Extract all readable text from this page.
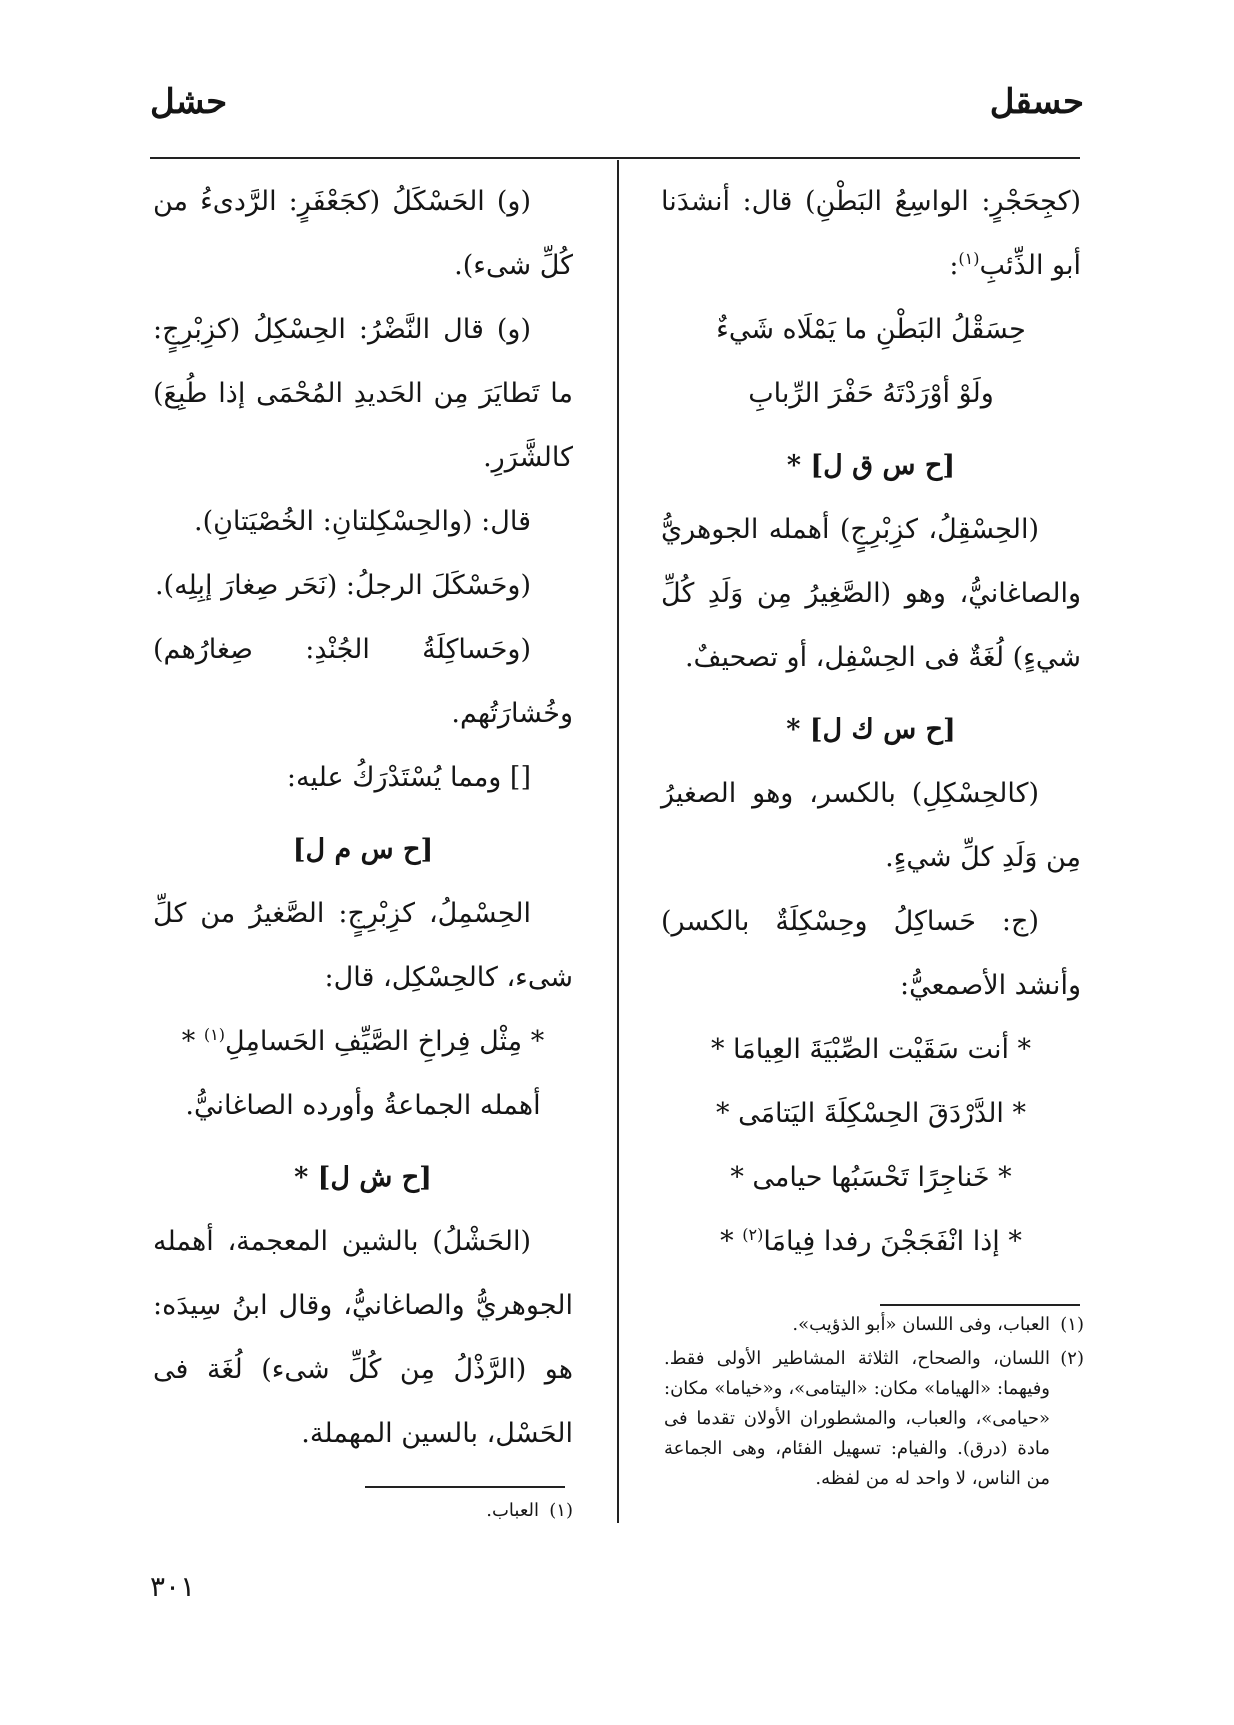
حسقل
حشل

(كجِحَجْرٍ: الواسِعُ البَطْنِ) قال: أنشدَنا أبو الذِّئبِ$^{(١)}$:

حِسَقْلُ البَطْنِ ما يَمْلَاه شَيءٌ

ولَوْ أوْرَدْتَهُ حَفْرَ الرِّبابِ

[ح س ق ل] *

(الحِسْقِلُ، كزِبْرِجٍ) أهمله الجوهريُّ والصاغانيُّ، وهو (الصَّغِيرُ مِن وَلَدِ كُلِّ شيءٍ) لُغَةٌ فى الحِسْفِل، أو تصحيفٌ.

[ح س ك ل] *

(كالحِسْكِلِ) بالكسر، وهو الصغيرُ مِن وَلَدِ كلِّ شيءٍ.

(ج: حَساكِلُ وحِسْكِلَةٌ بالكسر) وأنشد الأصمعيُّ:

* أنت سَقَيْت الصِّبْيَةَ العِيامَا *

* الدَّرْدَقَ الحِسْكِلَةَ اليَتامَى *

* خَناجِرًا تَحْسَبُها حيامى *

* إذا انْفَجَجْنَ رفدا فِيامَا$^{(٢)}$ *

(١)
العباب، وفى اللسان «أبو الذؤيب».
(٢)
اللسان، والصحاح، الثلاثة المشاطير الأولى فقط. وفيهما: «الهياما» مكان: «اليتامى»، و«خياما» مكان: «حيامى»، والعباب، والمشطوران الأولان تقدما فى مادة (درق). والفيام: تسهيل الفئام، وهى الجماعة من الناس، لا واحد له من لفظه.

(و) الحَسْكَلُ (كجَعْفَرٍ: الرَّدىءُ من كُلِّ شىء).

(و) قال النَّضْرُ: الحِسْكِلُ (كزِبْرِجٍ: ما تَطايَرَ مِن الحَديدِ المُحْمَى إذا طُبِعَ) كالشَّرَرِ.

قال: (والحِسْكِلتانِ: الخُصْيَتانِ).

(وحَسْكَلَ الرجلُ: (نَحَر صِغارَ إبِلِه).

(وحَساكِلَةُ الجُنْدِ: صِغارُهم) وخُشارَتُهم.

[] ومما يُسْتَدْرَكُ عليه:

[ح س م ل]

الحِسْمِلُ، كزِبْرِجٍ: الصَّغيرُ من كلِّ شىء، كالحِسْكِل، قال:

* مِثْل فِراخِ الصَّيِّفِ الحَسامِلِ$^{(١)}$ *

أهمله الجماعةُ وأورده الصاغانيُّ.

[ح ش ل] *

(الحَشْلُ) بالشين المعجمة، أهمله الجوهريُّ والصاغانيُّ، وقال ابنُ سِيدَه: هو (الرَّذْلُ مِن كُلِّ شىء) لُغَة فى الحَسْل، بالسين المهملة.

(١)
العباب.
٣٠١
